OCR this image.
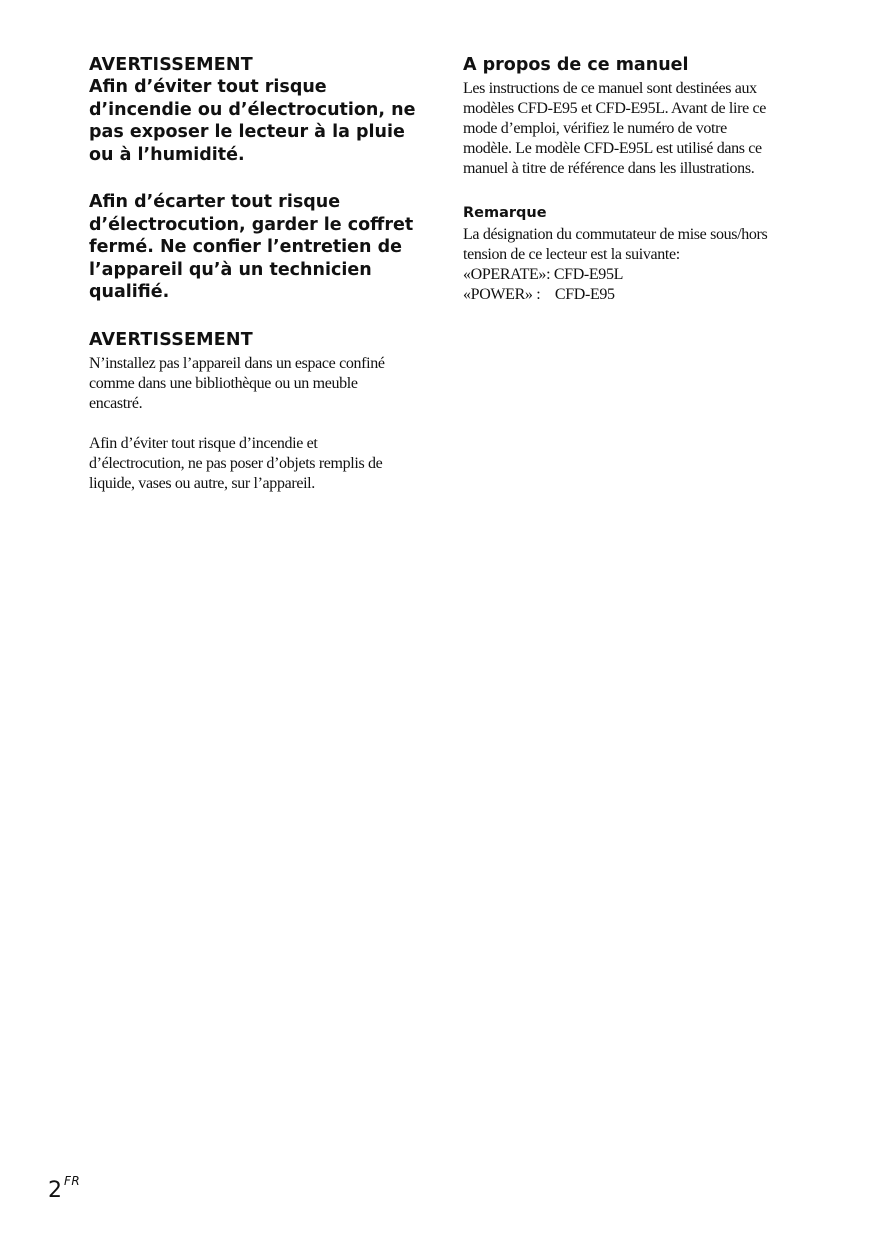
AVERTISSEMENT

Afin d’éviter tout risque
d’incendie ou d’électrocution, ne
pas exposer le lecteur à la pluie
ou à l’humidité.

Afin d’écarter tout risque
d’électrocution, garder le coffret
fermé. Ne confier l’entretien de
l’appareil qu’à un technicien
qualifié.

AVERTISSEMENT

N’installez pas l’appareil dans un espace confiné
comme dans une bibliothèque ou un meuble
encastré.

Afin d’éviter tout risque d’incendie et
d’électrocution, ne pas poser d’objets remplis de
liquide, vases ou autre, sur l’appareil.

A propos de ce manuel

Les instructions de ce manuel sont destinées aux
modèles CFD-E95 et CFD-E95L. Avant de lire ce
mode d’emploi, vérifiez le numéro de votre
modèle. Le modèle CFD-E95L est utilisé dans ce
manuel à titre de référence dans les illustrations.

Remarque

La désignation du commutateur de mise sous/hors
tension de ce lecteur est la suivante:
«OPERATE»: CFD-E95L
«POWER» :    CFD-E95

2 $^{FR}$
